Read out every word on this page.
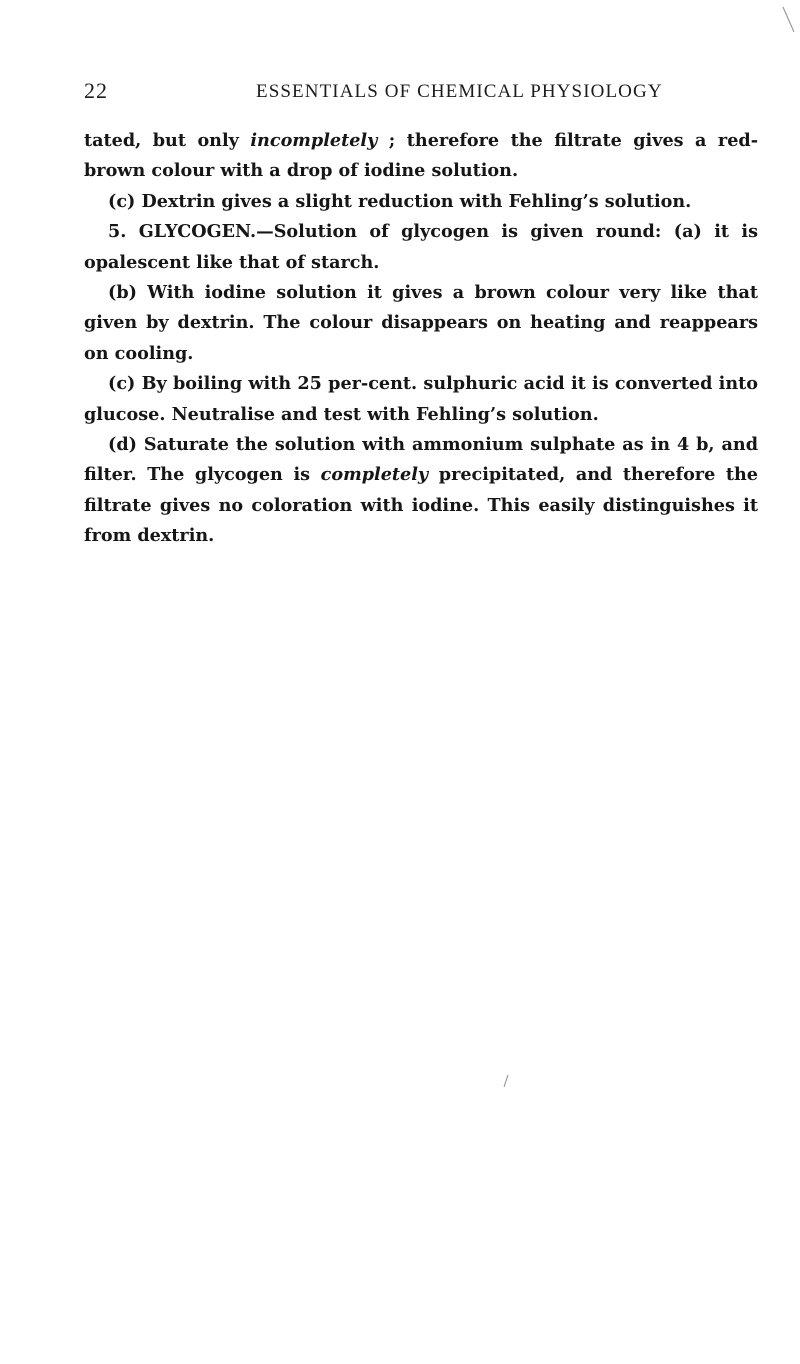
22	ESSENTIALS OF CHEMICAL PHYSIOLOGY

tated, but only incompletely ; therefore the filtrate gives a red-brown colour with a drop of iodine solution.

(c) Dextrin gives a slight reduction with Fehling’s solution.

5. GLYCOGEN.—Solution of glycogen is given round: (a) it is opalescent like that of starch.

(b) With iodine solution it gives a brown colour very like that given by dextrin. The colour disappears on heating and reappears on cooling.

(c) By boiling with 25 per-cent. sulphuric acid it is converted into glucose. Neutralise and test with Fehling’s solution.

(d) Saturate the solution with ammonium sulphate as in 4 b, and filter. The glycogen is completely precipitated, and therefore the filtrate gives no coloration with iodine. This easily distinguishes it from dextrin.
